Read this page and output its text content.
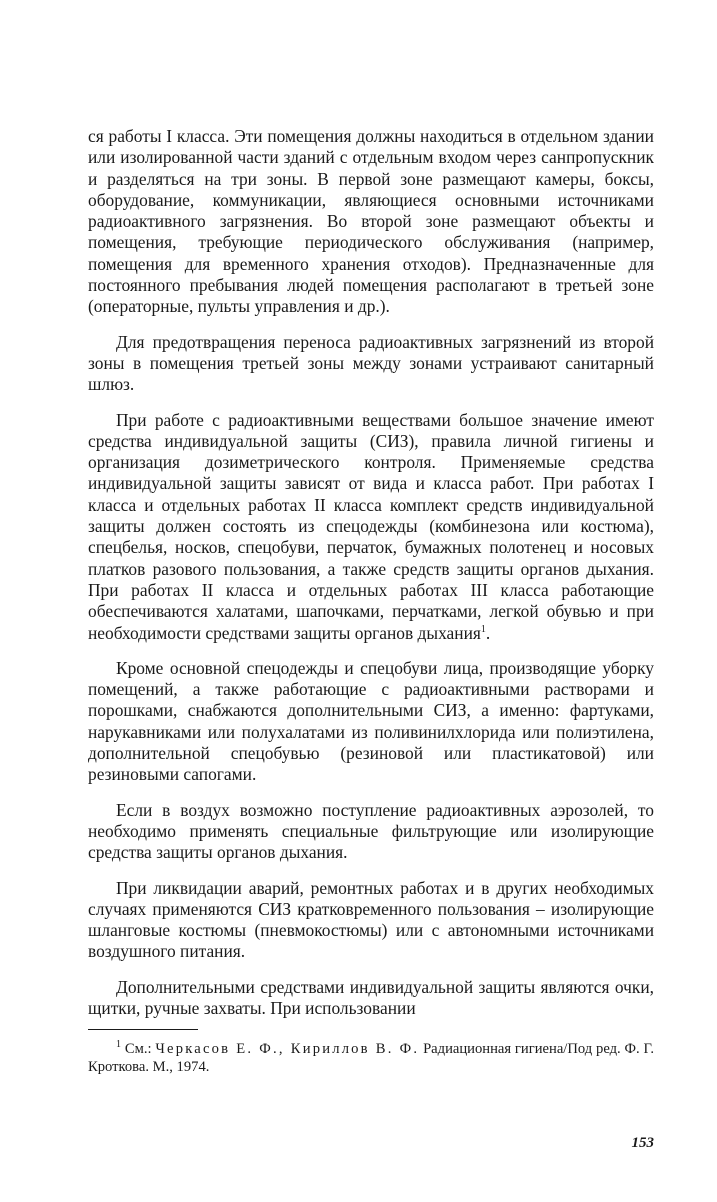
ся работы I класса. Эти помещения должны находиться в отдельном здании или изолированной части зданий с отдельным входом через санпропускник и разделяться на три зоны. В первой зоне размещают камеры, боксы, оборудование, коммуникации, являющиеся основными источниками радиоактивного загрязнения. Во второй зоне размещают объекты и помещения, требующие периодического обслуживания (например, помещения для временного хранения отходов). Предназначенные для постоянного пребывания людей помещения располагают в третьей зоне (операторные, пульты управления и др.).

Для предотвращения переноса радиоактивных загрязнений из второй зоны в помещения третьей зоны между зонами устраивают санитарный шлюз.

При работе с радиоактивными веществами большое значение имеют средства индивидуальной защиты (СИЗ), правила личной гигиены и организация дозиметрического контроля. Применяемые средства индивидуальной защиты зависят от вида и класса работ. При работах I класса и отдельных работах II класса комплект средств индивидуальной защиты должен состоять из спецодежды (комбинезона или костюма), спецбелья, носков, спецобуви, перчаток, бумажных полотенец и носовых платков разового пользования, а также средств защиты органов дыхания. При работах II класса и отдельных работах III класса работающие обеспечиваются халатами, шапочками, перчатками, легкой обувью и при необходимости средствами защиты органов дыхания$^1$.

Кроме основной спецодежды и спецобуви лица, производящие уборку помещений, а также работающие с радиоактивными растворами и порошками, снабжаются дополнительными СИЗ, а именно: фартуками, нарукавниками или полухалатами из поливинилхлорида или полиэтилена, дополнительной спецобувью (резиновой или пластикатовой) или резиновыми сапогами.

Если в воздух возможно поступление радиоактивных аэрозолей, то необходимо применять специальные фильтрующие или изолирующие средства защиты органов дыхания.

При ликвидации аварий, ремонтных работах и в других необходимых случаях применяются СИЗ кратковременного пользования – изолирующие шланговые костюмы (пневмокостюмы) или с автономными источниками воздушного питания.

Дополнительными средствами индивидуальной защиты являются очки, щитки, ручные захваты. При использовании

$^1$ См.: Черкасов Е. Ф., Кириллов В. Ф. Радиационная гигиена/Под ред. Ф. Г. Кроткова. М., 1974.

153
